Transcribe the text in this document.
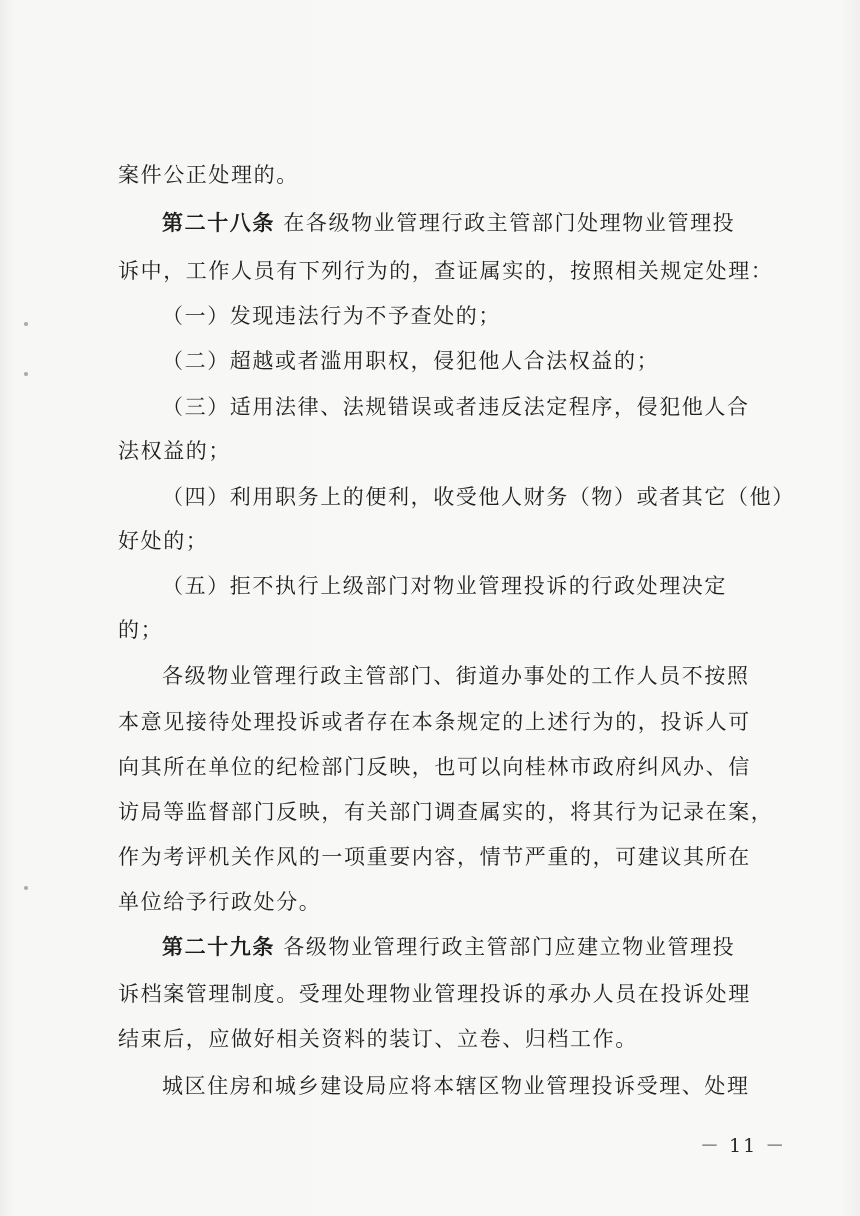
案件公正处理的。
第二十八条 在各级物业管理行政主管部门处理物业管理投
诉中，工作人员有下列行为的，查证属实的，按照相关规定处理：
（一）发现违法行为不予查处的；
（二）超越或者滥用职权，侵犯他人合法权益的；
（三）适用法律、法规错误或者违反法定程序，侵犯他人合
法权益的；
（四）利用职务上的便利，收受他人财务（物）或者其它（他）
好处的；
（五）拒不执行上级部门对物业管理投诉的行政处理决定
的；
各级物业管理行政主管部门、街道办事处的工作人员不按照
本意见接待处理投诉或者存在本条规定的上述行为的，投诉人可
向其所在单位的纪检部门反映，也可以向桂林市政府纠风办、信
访局等监督部门反映，有关部门调查属实的，将其行为记录在案，
作为考评机关作风的一项重要内容，情节严重的，可建议其所在
单位给予行政处分。
第二十九条 各级物业管理行政主管部门应建立物业管理投
诉档案管理制度。受理处理物业管理投诉的承办人员在投诉处理
结束后，应做好相关资料的装订、立卷、归档工作。
城区住房和城乡建设局应将本辖区物业管理投诉受理、处理
－ 11 －
